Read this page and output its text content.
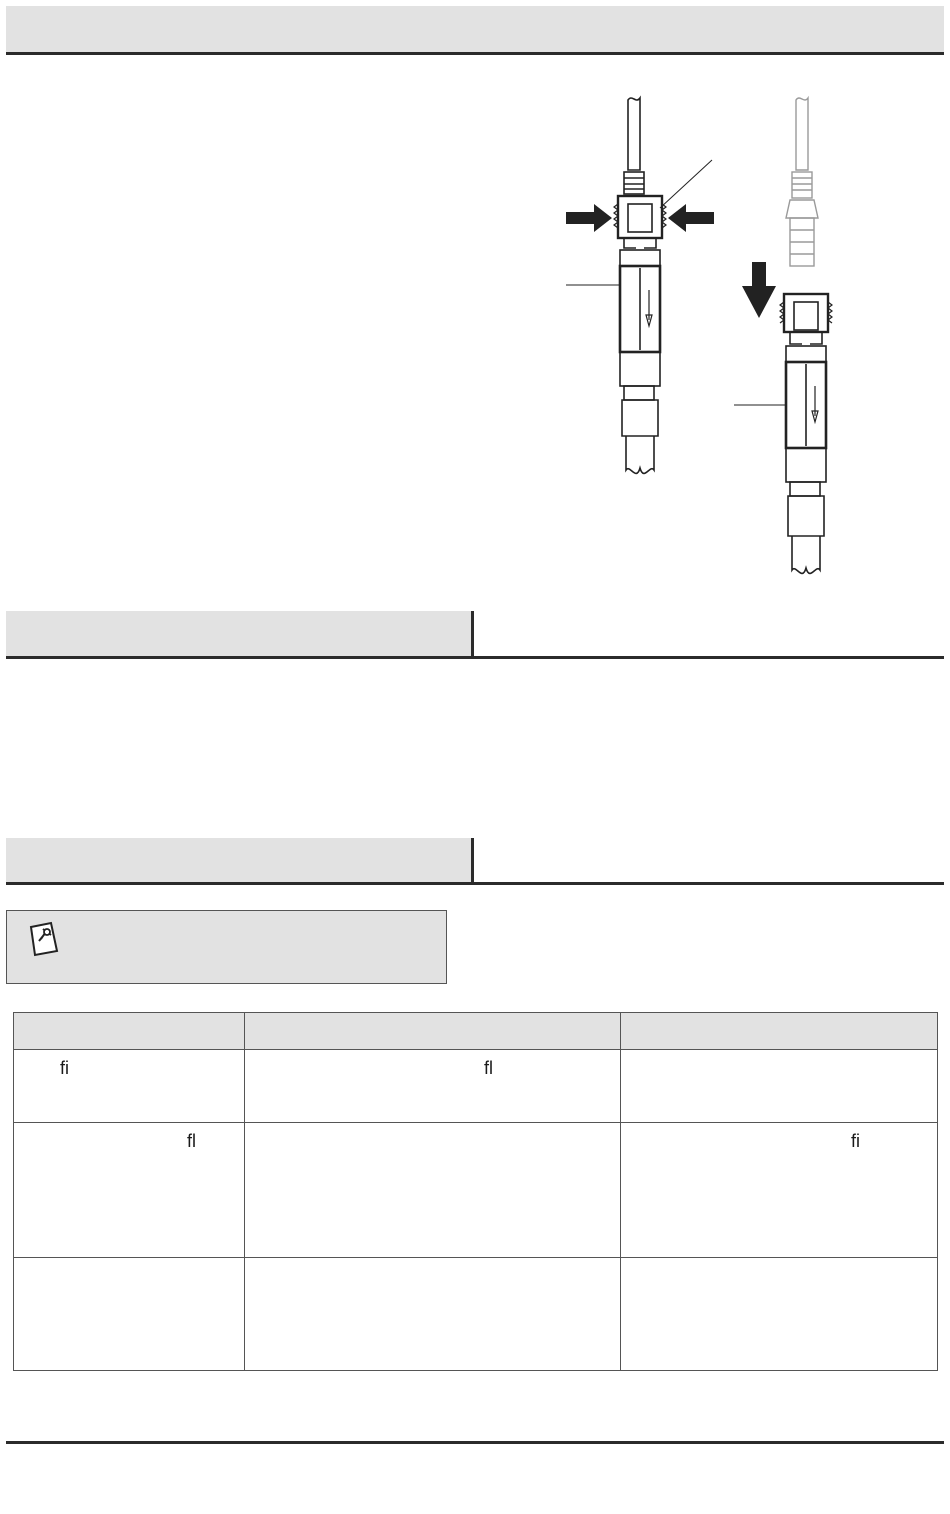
fi	fl	
fl		fi
